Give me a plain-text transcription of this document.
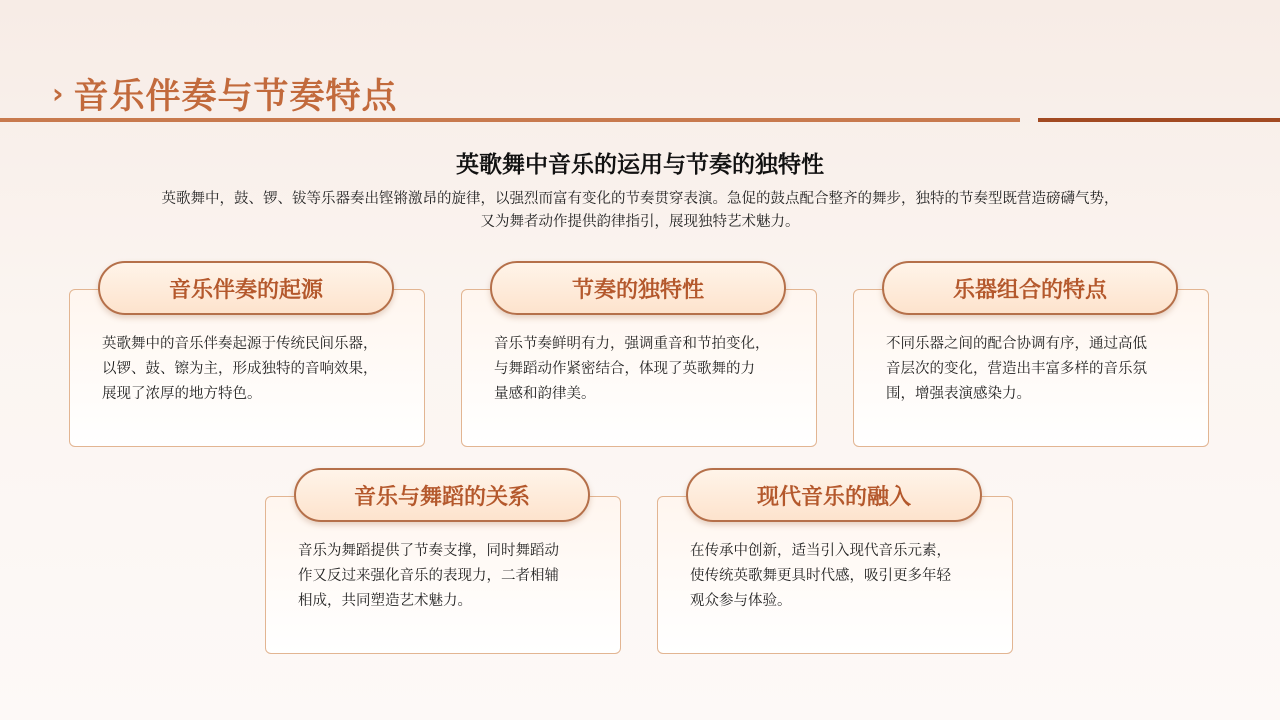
› 音乐伴奏与节奏特点
英歌舞中音乐的运用与节奏的独特性
英歌舞中，鼓、锣、钹等乐器奏出铿锵激昂的旋律，以强烈而富有变化的节奏贯穿表演。急促的鼓点配合整齐的舞步，独特的节奏型既营造磅礴气势，
又为舞者动作提供韵律指引，展现独特艺术魅力。
英歌舞中的音乐伴奏起源于传统民间乐器，
以锣、鼓、镲为主，形成独特的音响效果，
展现了浓厚的地方特色。
音乐伴奏的起源
音乐节奏鲜明有力，强调重音和节拍变化，
与舞蹈动作紧密结合，体现了英歌舞的力
量感和韵律美。
节奏的独特性
不同乐器之间的配合协调有序，通过高低
音层次的变化，营造出丰富多样的音乐氛
围，增强表演感染力。
乐器组合的特点
音乐为舞蹈提供了节奏支撑，同时舞蹈动
作又反过来强化音乐的表现力，二者相辅
相成，共同塑造艺术魅力。
音乐与舞蹈的关系
在传承中创新，适当引入现代音乐元素，
使传统英歌舞更具时代感，吸引更多年轻
观众参与体验。
现代音乐的融入
